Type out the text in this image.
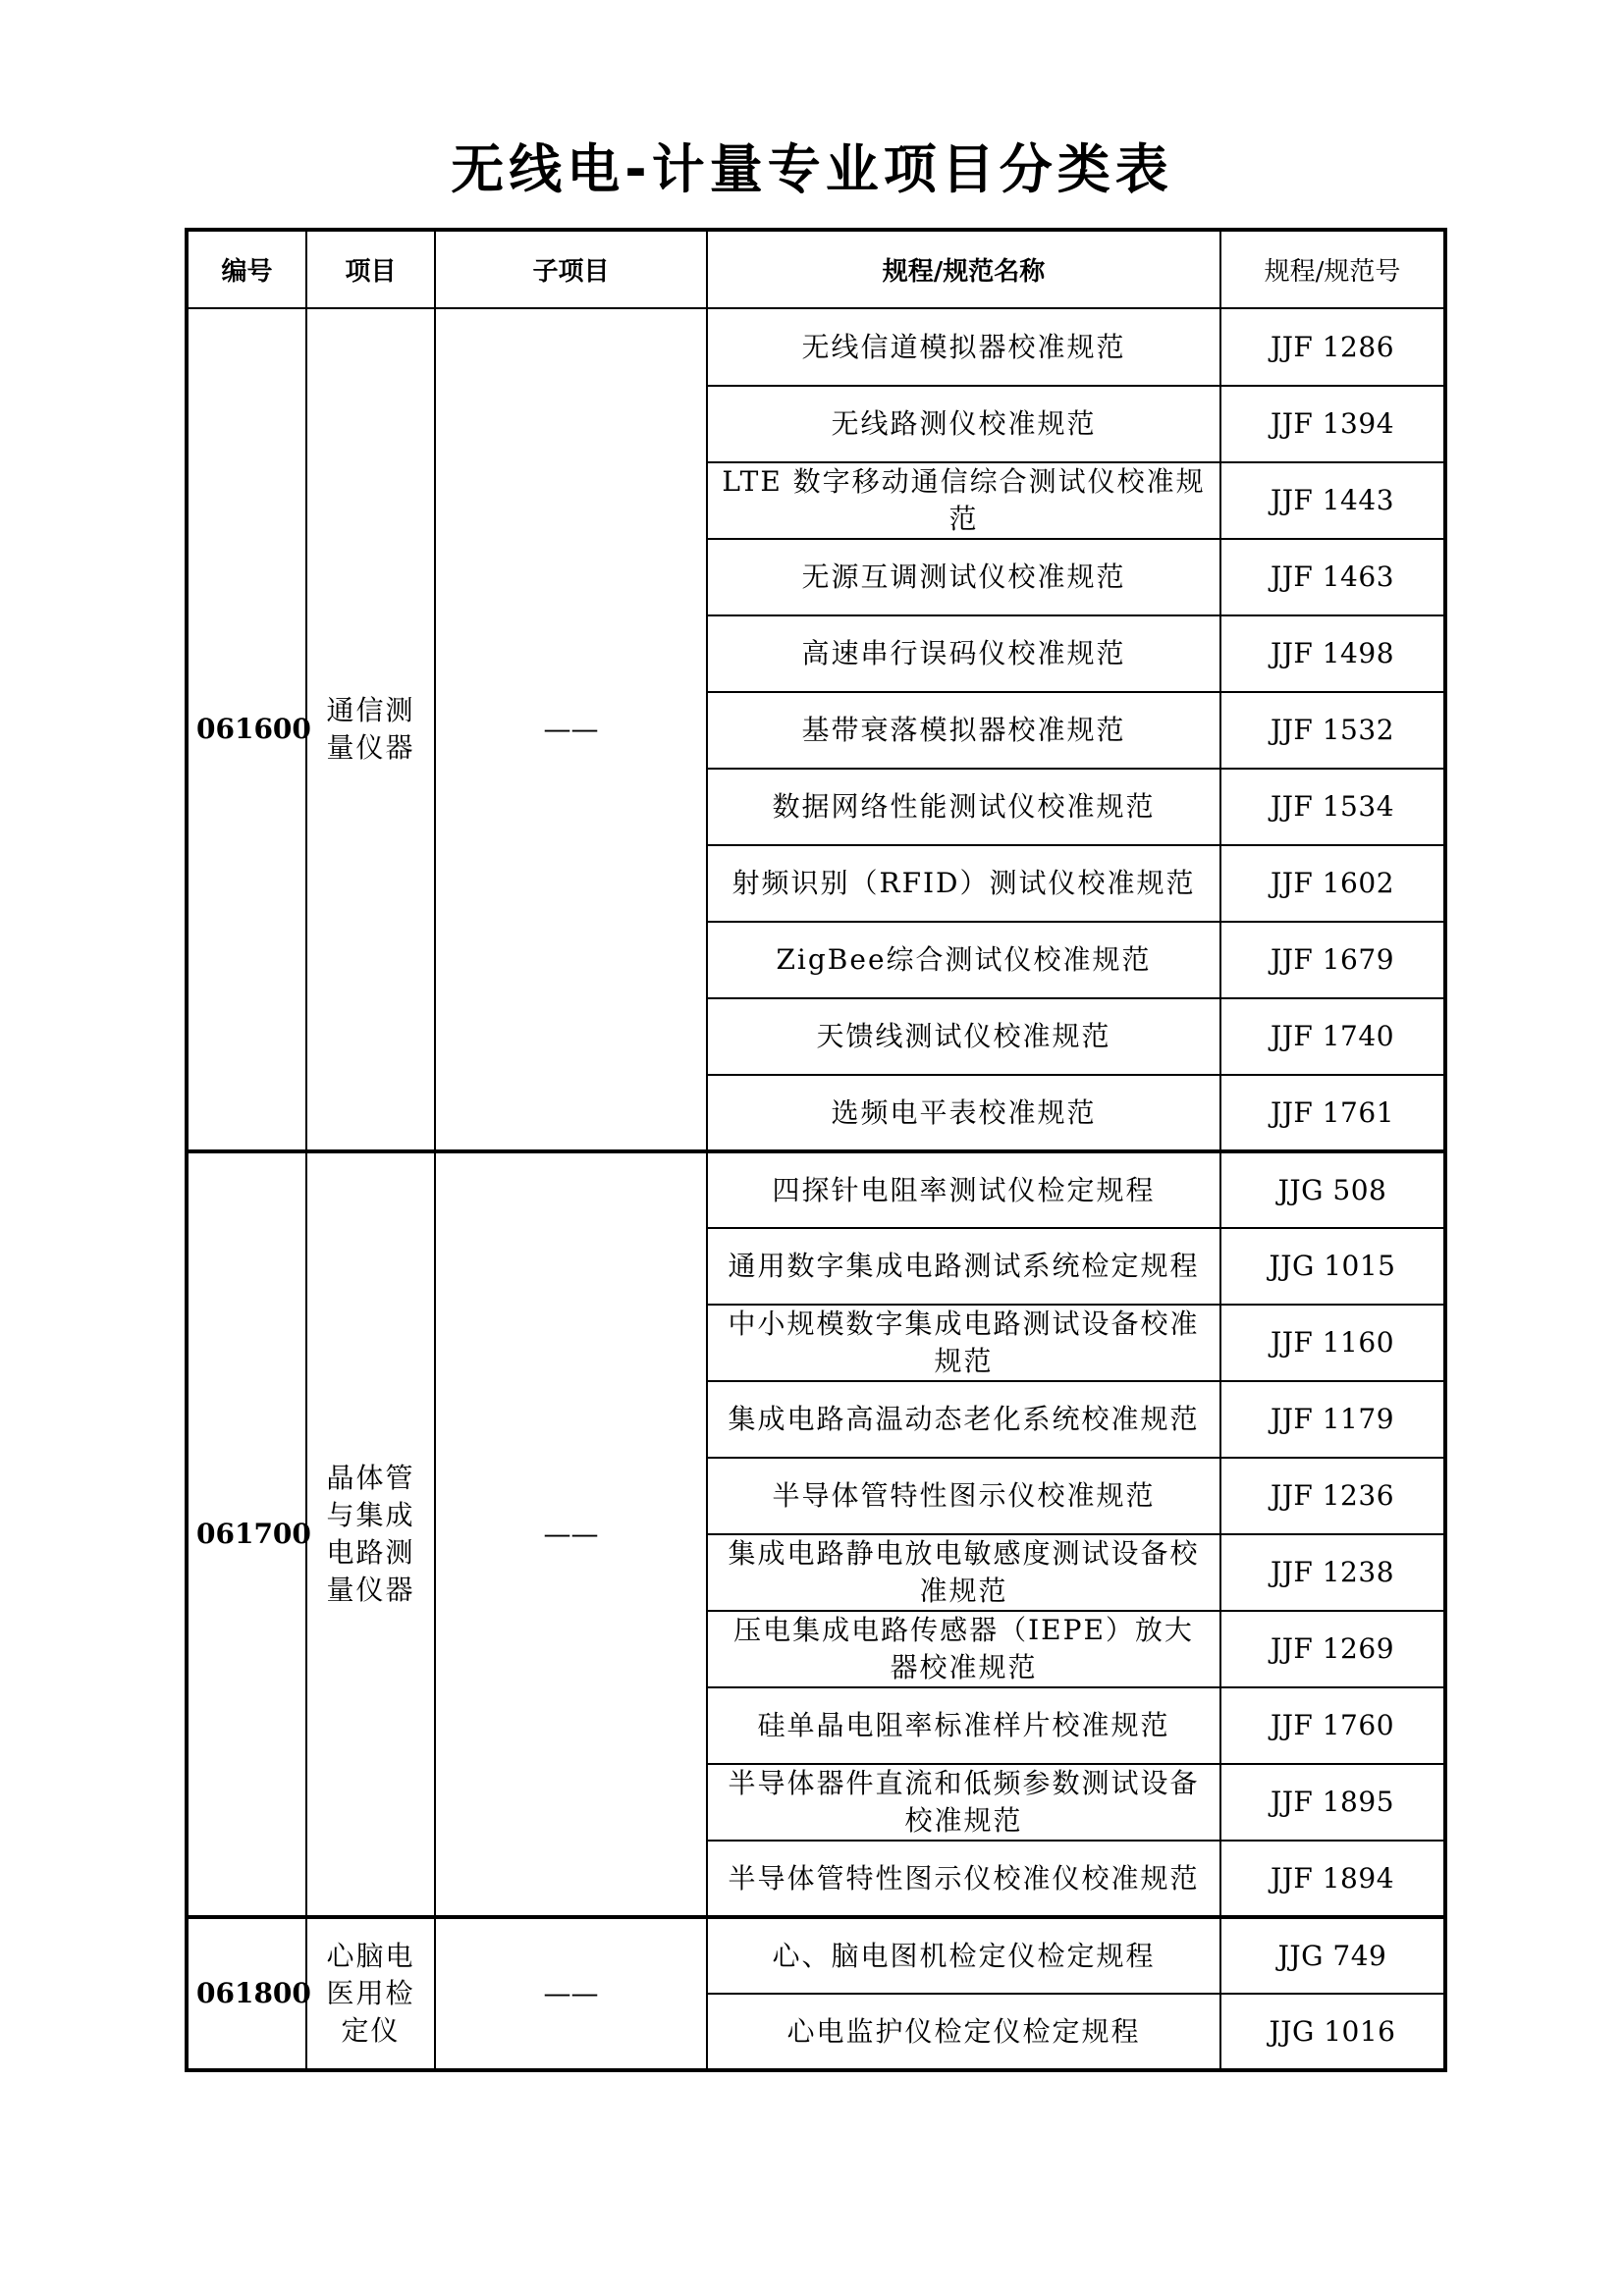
无线电-计量专业项目分类表
编号	项目	子项目	规程/规范名称	规程/规范号
061600	通信测量仪器	——	无线信道模拟器校准规范	JJF 1286
			无线路测仪校准规范	JJF 1394
			LTE 数字移动通信综合测试仪校准规范	JJF 1443
			无源互调测试仪校准规范	JJF 1463
			高速串行误码仪校准规范	JJF 1498
			基带衰落模拟器校准规范	JJF 1532
			数据网络性能测试仪校准规范	JJF 1534
			射频识别（RFID）测试仪校准规范	JJF 1602
			ZigBee综合测试仪校准规范	JJF 1679
			天馈线测试仪校准规范	JJF 1740
			选频电平表校准规范	JJF 1761
061700	晶体管与集成电路测量仪器	——	四探针电阻率测试仪检定规程	JJG 508
			通用数字集成电路测试系统检定规程	JJG 1015
			中小规模数字集成电路测试设备校准规范	JJF 1160
			集成电路高温动态老化系统校准规范	JJF 1179
			半导体管特性图示仪校准规范	JJF 1236
			集成电路静电放电敏感度测试设备校准规范	JJF 1238
			压电集成电路传感器（IEPE）放大器校准规范	JJF 1269
			硅单晶电阻率标准样片校准规范	JJF 1760
			半导体器件直流和低频参数测试设备校准规范	JJF 1895
			半导体管特性图示仪校准仪校准规范	JJF 1894
061800	心脑电医用检定仪	——	心、脑电图机检定仪检定规程	JJG 749
			心电监护仪检定仪检定规程	JJG 1016
